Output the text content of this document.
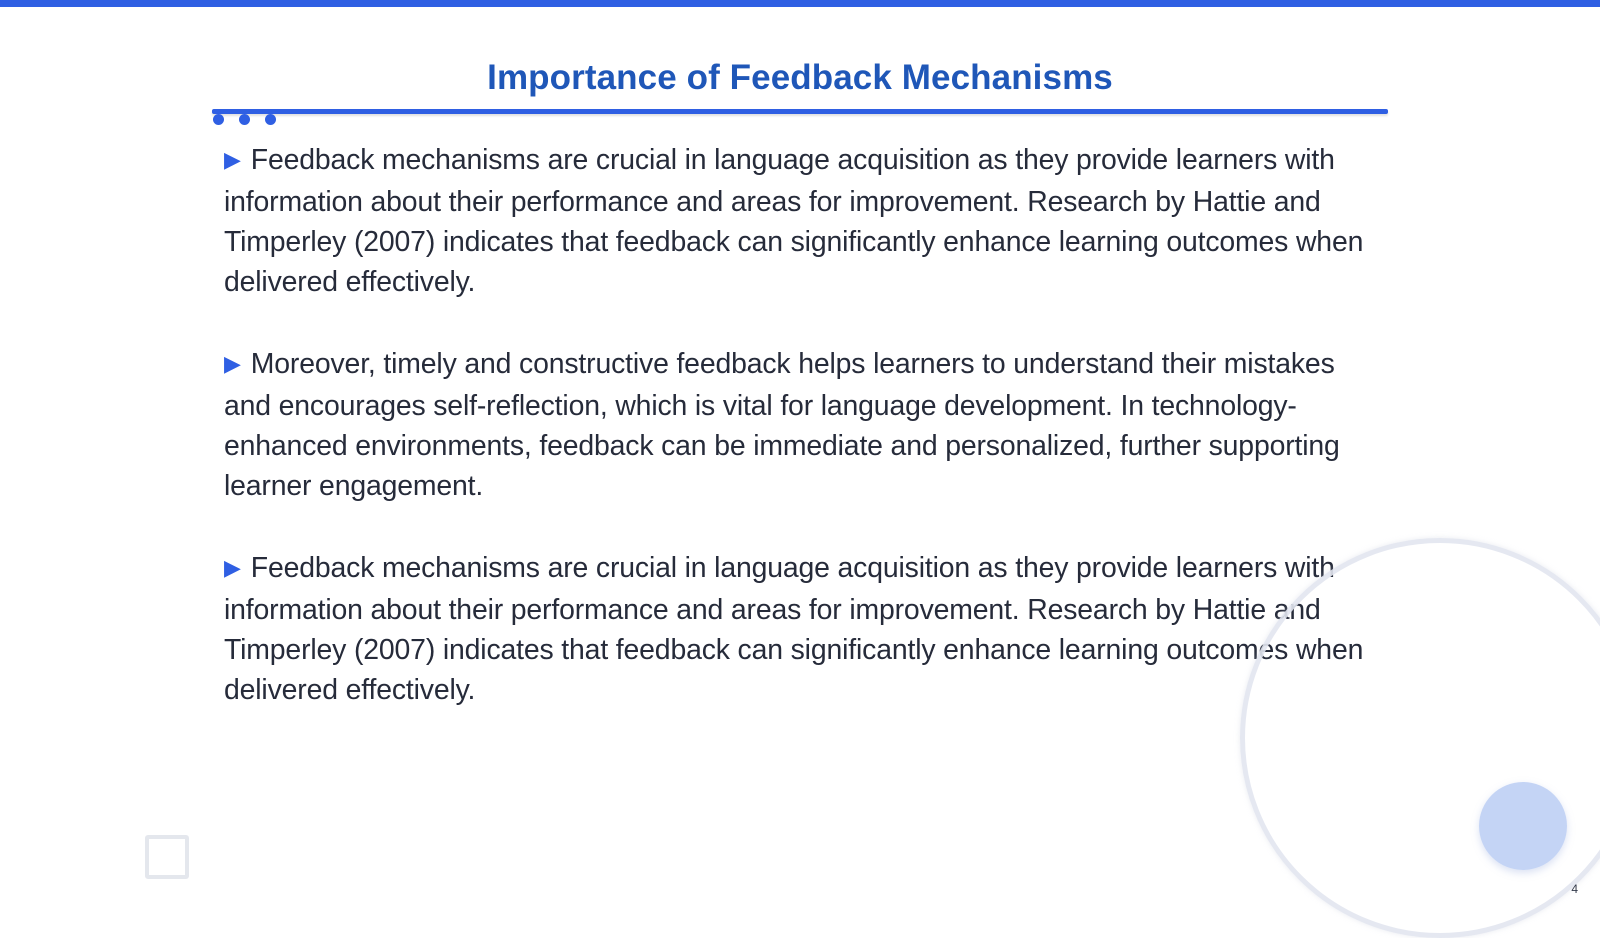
Importance of Feedback Mechanisms

▶ Feedback mechanisms are crucial in language acquisition as they provide learners with information about their performance and areas for improvement. Research by Hattie and Timperley (2007) indicates that feedback can significantly enhance learning outcomes when delivered effectively.

▶ Moreover, timely and constructive feedback helps learners to understand their mistakes and encourages self-reflection, which is vital for language development. In technology-enhanced environments, feedback can be immediate and personalized, further supporting learner engagement.

▶ Feedback mechanisms are crucial in language acquisition as they provide learners with information about their performance and areas for improvement. Research by Hattie and Timperley (2007) indicates that feedback can significantly enhance learning outcomes when delivered effectively.

4
